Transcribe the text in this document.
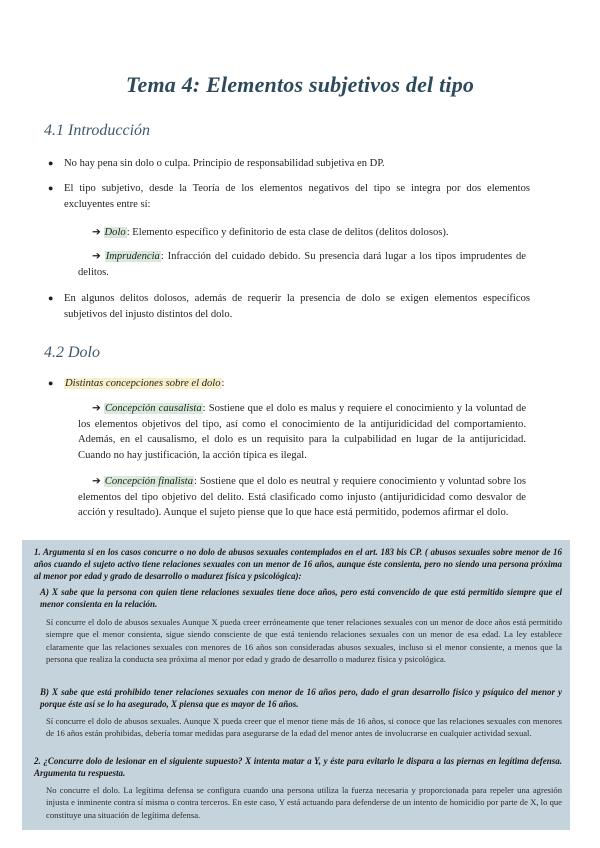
Tema 4: Elementos subjetivos del tipo
4.1 Introducción
● No hay pena sin dolo o culpa. Principio de responsabilidad subjetiva en DP.
● El tipo subjetivo, desde la Teoría de los elementos negativos del tipo se integra por dos elementos excluyentes entre sí:
➔ Dolo: Elemento específico y definitorio de esta clase de delitos (delitos dolosos).
➔ Imprudencia: Infracción del cuidado debido. Su presencia dará lugar a los tipos imprudentes de delitos.
● En algunos delitos dolosos, además de requerir la presencia de dolo se exigen elementos específicos subjetivos del injusto distintos del dolo.
4.2 Dolo
● Distintas concepciones sobre el dolo:
➔ Concepción causalista: Sostiene que el dolo es malus y requiere el conocimiento y la voluntad de los elementos objetivos del tipo, así como el conocimiento de la antijuridicidad del comportamiento. Además, en el causalismo, el dolo es un requisito para la culpabilidad en lugar de la antijuricidad. Cuando no hay justificación, la acción típica es ilegal.
➔ Concepción finalista: Sostiene que el dolo es neutral y requiere conocimiento y voluntad sobre los elementos del tipo objetivo del delito. Está clasificado como injusto (antijuridicidad como desvalor de acción y resultado). Aunque el sujeto piense que lo que hace está permitido, podemos afirmar el dolo.
1. Argumenta si en los casos concurre o no dolo de abusos sexuales contemplados en el art. 183 bis CP. ( abusos sexuales sobre menor de 16 años cuando el sujeto activo tiene relaciones sexuales con un menor de 16 años, aunque éste consienta, pero no siendo una persona próxima al menor por edad y grado de desarrollo o madurez física y psicológica):
A) X sabe que la persona con quien tiene relaciones sexuales tiene doce años, pero está convencido de que está permitido siempre que el menor consienta en la relación.
Sí concurre el dolo de abusos sexuales Aunque X pueda creer erróneamente que tener relaciones sexuales con un menor de doce años está permitido siempre que el menor consienta, sigue siendo consciente de que está teniendo relaciones sexuales con un menor de esa edad. La ley establece claramente que las relaciones sexuales con menores de 16 años son consideradas abusos sexuales, incluso si el menor consiente, a menos que la persona que realiza la conducta sea próxima al menor por edad y grado de desarrollo o madurez física y psicológica.
B) X sabe que está prohibido tener relaciones sexuales con menor de 16 años pero, dado el gran desarrollo físico y psíquico del menor y porque éste así se lo ha asegurado, X piensa que es mayor de 16 años.
Sí concurre el dolo de abusos sexuales. Aunque X pueda creer que el menor tiene más de 16 años, si conoce que las relaciones sexuales con menores de 16 años están prohibidas, debería tomar medidas para asegurarse de la edad del menor antes de involucrarse en cualquier actividad sexual.
2. ¿Concurre dolo de lesionar en el siguiente supuesto? X intenta matar a Y, y éste para evitarlo le dispara a las piernas en legítima defensa. Argumenta tu respuesta.
No concurre el dolo. La legítima defensa se configura cuando una persona utiliza la fuerza necesaria y proporcionada para repeler una agresión injusta e inminente contra sí misma o contra terceros. En este caso, Y está actuando para defenderse de un intento de homicidio por parte de X, lo que constituye una situación de legítima defensa.
